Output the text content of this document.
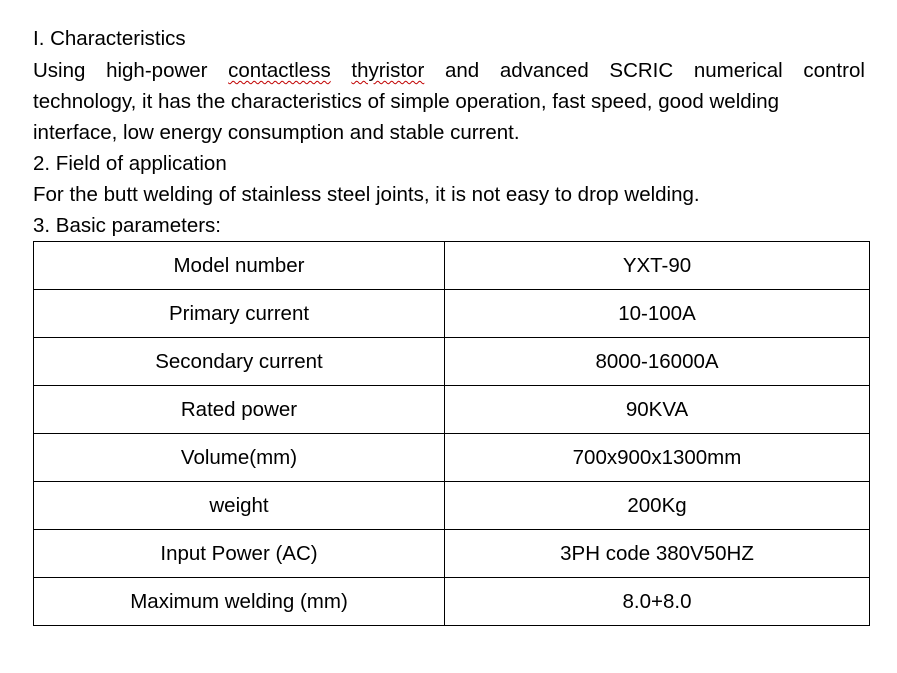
I. Characteristics
Using high-power contactless thyristor and advanced SCRIC numerical control
technology, it has the characteristics of simple operation, fast speed, good welding
interface, low energy consumption and stable current.
2. Field of application
For the butt welding of stainless steel joints, it is not easy to drop welding.
3. Basic parameters:
Model number	YXT-90
Primary current	10-100A
Secondary current	8000-16000A
Rated power	90KVA
Volume(mm)	700x900x1300mm
weight	200Kg
Input Power (AC)	3PH code 380V50HZ
Maximum welding (mm)	8.0+8.0
